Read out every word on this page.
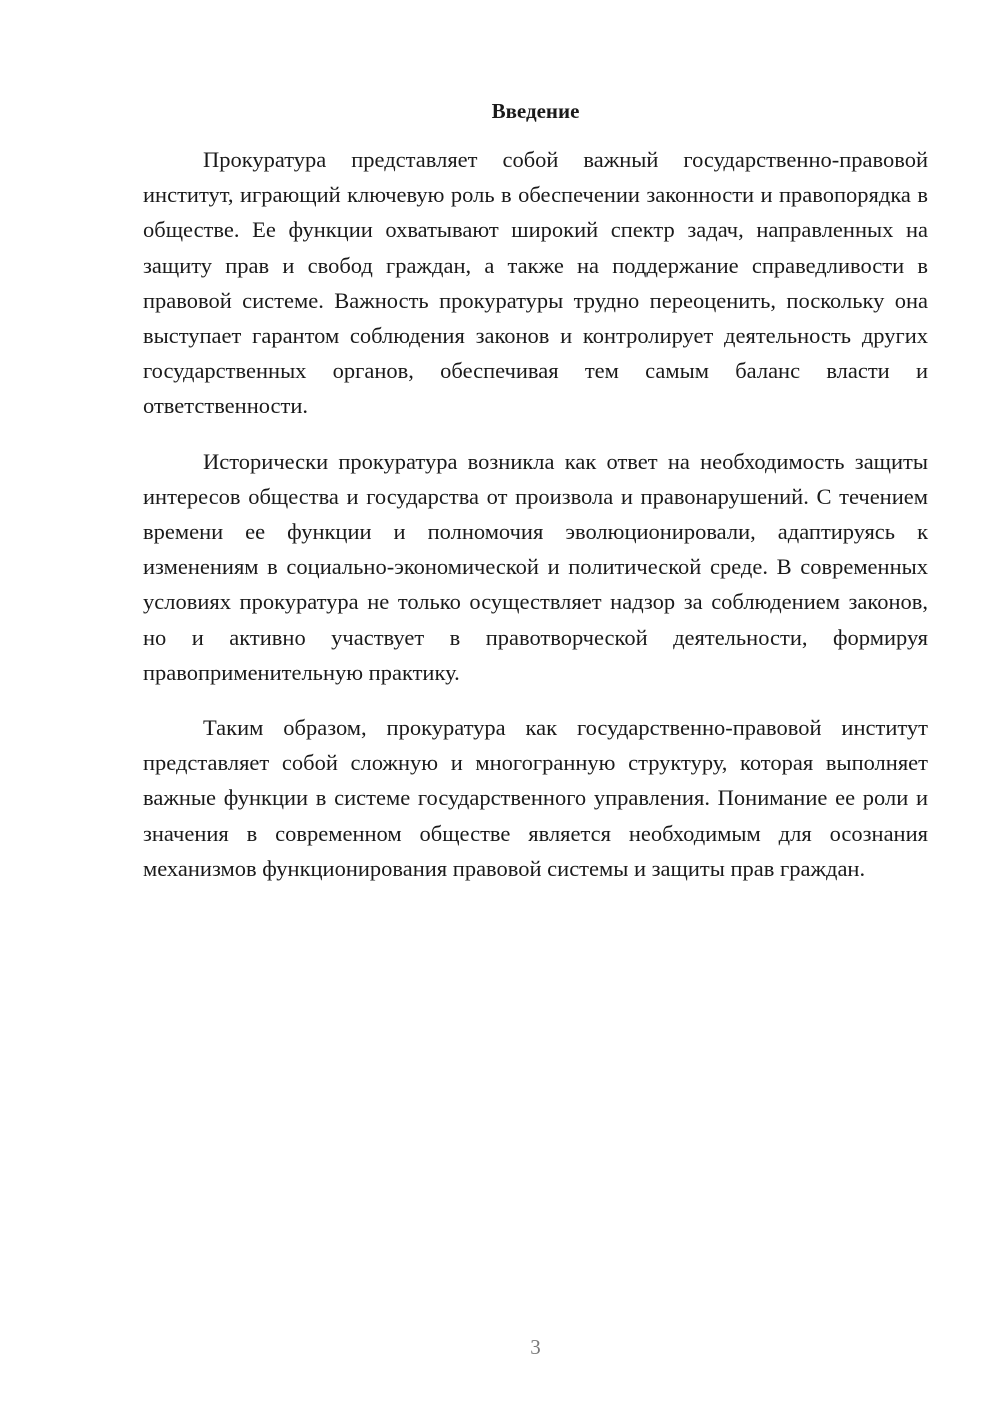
Введение

Прокуратура представляет собой важный государственно-правовой институт, играющий ключевую роль в обеспечении законности и правопорядка в обществе. Ее функции охватывают широкий спектр задач, направленных на защиту прав и свобод граждан, а также на поддержание справедливости в правовой системе. Важность прокуратуры трудно переоценить, поскольку она выступает гарантом соблюдения законов и контролирует деятельность других государственных органов, обеспечивая тем самым баланс власти и ответственности.

Исторически прокуратура возникла как ответ на необходимость защиты интересов общества и государства от произвола и правонарушений. С течением времени ее функции и полномочия эволюционировали, адаптируясь к изменениям в социально-экономической и политической среде. В современных условиях прокуратура не только осуществляет надзор за соблюдением законов, но и активно участвует в правотворческой деятельности, формируя правоприменительную практику.

Таким образом, прокуратура как государственно-правовой институт представляет собой сложную и многогранную структуру, которая выполняет важные функции в системе государственного управления. Понимание ее роли и значения в современном обществе является необходимым для осознания механизмов функционирования правовой системы и защиты прав граждан.

3
